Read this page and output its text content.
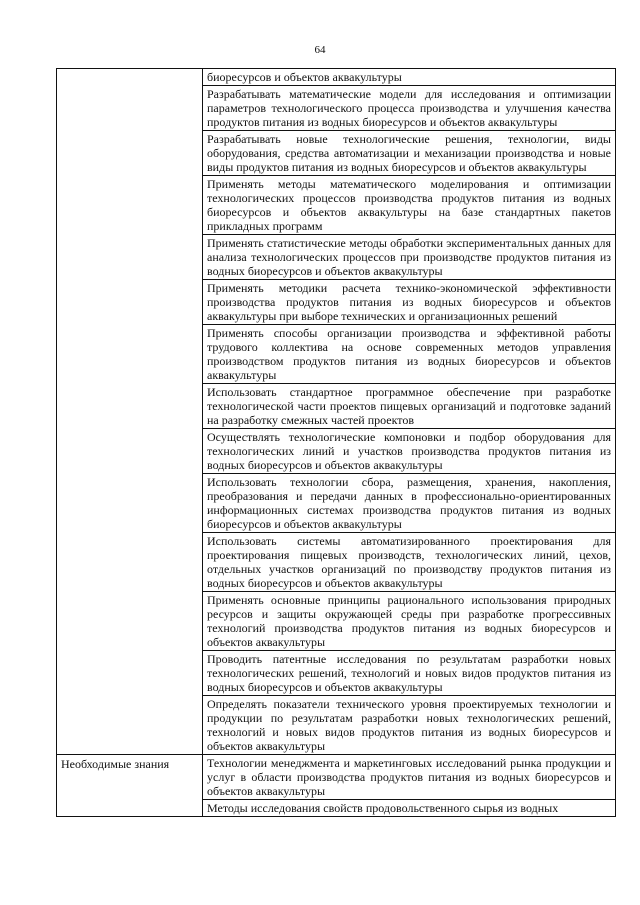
64
	биоресурсов и объектов аквакультуры
	Разрабатывать математические модели для исследования и оптимизации параметров технологического процесса производства и улучшения качества продуктов питания из водных биоресурсов и объектов аквакультуры
	Разрабатывать новые технологические решения, технологии, виды оборудования, средства автоматизации и механизации производства и новые виды продуктов питания из водных биоресурсов и объектов аквакультуры
	Применять методы математического моделирования и оптимизации технологических процессов производства продуктов питания из водных биоресурсов и объектов аквакультуры на базе стандартных пакетов прикладных программ
	Применять статистические методы обработки экспериментальных данных для анализа технологических процессов при производстве продуктов питания из водных биоресурсов и объектов аквакультуры
	Применять методики расчета технико-экономической эффективности производства продуктов питания из водных биоресурсов и объектов аквакультуры при выборе технических и организационных решений
	Применять способы организации производства и эффективной работы трудового коллектива на основе современных методов управления производством продуктов питания из водных биоресурсов и объектов аквакультуры
	Использовать стандартное программное обеспечение при разработке технологической части проектов пищевых организаций и подготовке заданий на разработку смежных частей проектов
	Осуществлять технологические компоновки и подбор оборудования для технологических линий и участков производства продуктов питания из водных биоресурсов и объектов аквакультуры
	Использовать технологии сбора, размещения, хранения, накопления, преобразования и передачи данных в профессионально-ориентированных информационных системах производства продуктов питания из водных биоресурсов и объектов аквакультуры
	Использовать системы автоматизированного проектирования для проектирования пищевых производств, технологических линий, цехов, отдельных участков организаций по производству продуктов питания из водных биоресурсов и объектов аквакультуры
	Применять основные принципы рационального использования природных ресурсов и защиты окружающей среды при разработке прогрессивных технологий производства продуктов питания из водных биоресурсов и объектов аквакультуры
	Проводить патентные исследования по результатам разработки новых технологических решений, технологий и новых видов продуктов питания из водных биоресурсов и объектов аквакультуры
	Определять показатели технического уровня проектируемых технологии и продукции по результатам разработки новых технологических решений, технологий и новых видов продуктов питания из водных биоресурсов и объектов аквакультуры

Необходимые знания	Технологии менеджмента и маркетинговых исследований рынка продукции и услуг в области производства продуктов питания из водных биоресурсов и объектов аквакультуры
	Методы исследования свойств продовольственного сырья из водных
